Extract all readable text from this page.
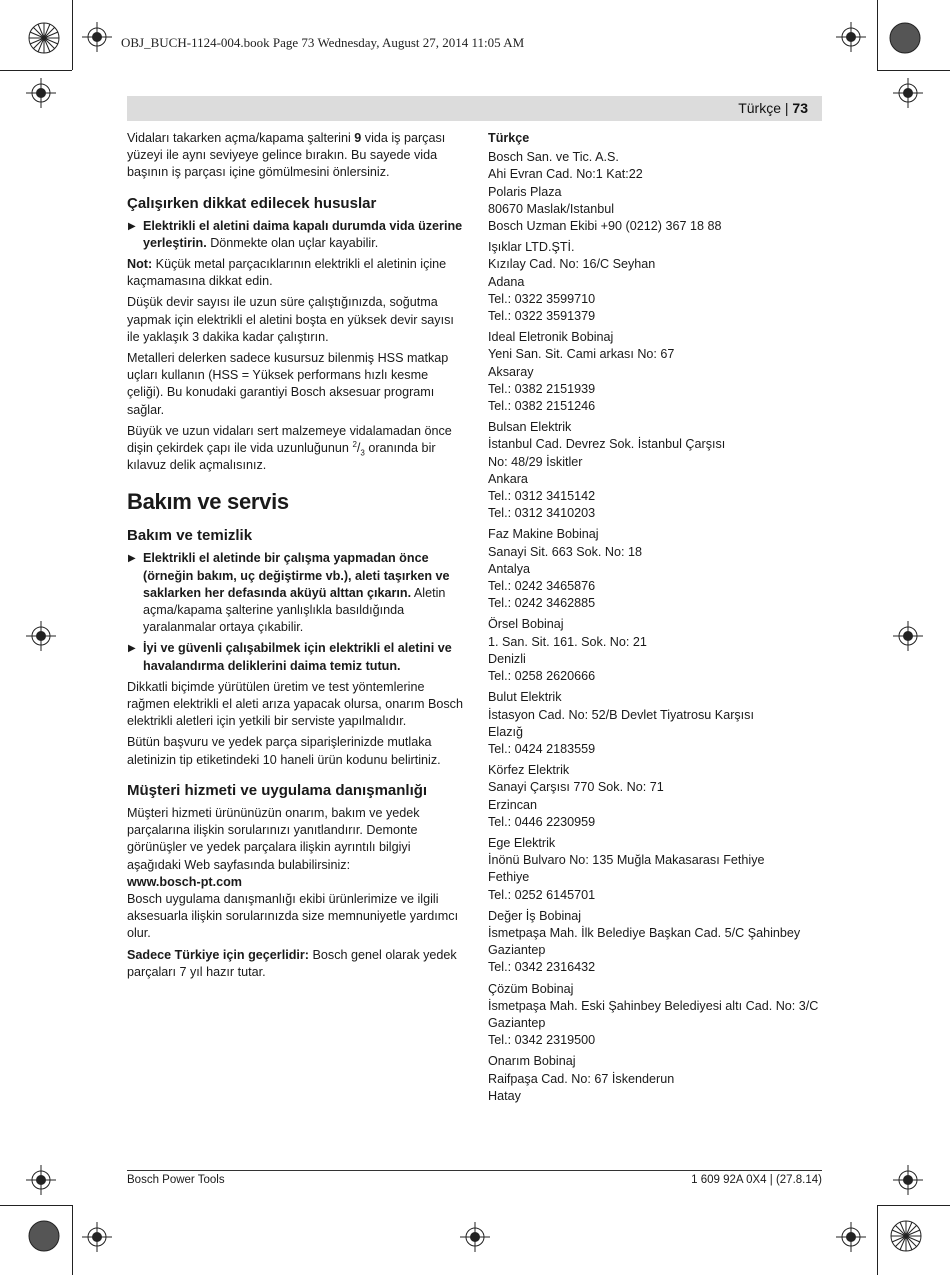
OBJ_BUCH-1124-004.book Page 73 Wednesday, August 27, 2014 11:05 AM
Türkçe | 73

Vidaları takarken açma/kapama şalterini 9 vida iş parçası yüzeyi ile aynı seviyeye gelince bırakın. Bu sayede vida başının iş parçası içine gömülmesini önlersiniz.

Çalışırken dikkat edilecek hususlar
▶ Elektrikli el aletini daima kapalı durumda vida üzerine yerleştirin. Dönmekte olan uçlar kayabilir.

Not: Küçük metal parçacıklarının elektrikli el aletinin içine kaçmamasına dikkat edin.

Düşük devir sayısı ile uzun süre çalıştığınızda, soğutma yapmak için elektrikli el aletini boşta en yüksek devir sayısı ile yaklaşık 3 dakika kadar çalıştırın.

Metalleri delerken sadece kusursuz bilenmiş HSS matkap uçları kullanın (HSS = Yüksek performans hızlı kesme çeliği). Bu konudaki garantiyi Bosch aksesuar programı sağlar.

Büyük ve uzun vidaları sert malzemeye vidalamadan önce dişin çekirdek çapı ile vida uzunluğunun $^2/_3$ oranında bir kılavuz delik açmalısınız.

Bakım ve servis
Bakım ve temizlik
▶ Elektrikli el aletinde bir çalışma yapmadan önce (örneğin bakım, uç değiştirme vb.), aleti taşırken ve saklarken her defasında aküyü alttan çıkarın. Aletin açma/kapama şalterine yanlışlıkla basıldığında yaralanmalar ortaya çıkabilir.
▶ İyi ve güvenli çalışabilmek için elektrikli el aletini ve havalandırma deliklerini daima temiz tutun.

Dikkatli biçimde yürütülen üretim ve test yöntemlerine rağmen elektrikli el aleti arıza yapacak olursa, onarım Bosch elektrikli aletleri için yetkili bir serviste yapılmalıdır.

Bütün başvuru ve yedek parça siparişlerinizde mutlaka aletinizin tip etiketindeki 10 haneli ürün kodunu belirtiniz.

Müşteri hizmeti ve uygulama danışmanlığı

Müşteri hizmeti ürününüzün onarım, bakım ve yedek parçalarına ilişkin sorularınızı yanıtlandırır. Demonte görünüşler ve yedek parçalara ilişkin ayrıntılı bilgiyi aşağıdaki Web sayfasında bulabilirsiniz:

www.bosch-pt.com

Bosch uygulama danışmanlığı ekibi ürünlerimize ve ilgili aksesuarla ilişkin sorularınızda size memnuniyetle yardımcı olur.

Sadece Türkiye için geçerlidir: Bosch genel olarak yedek parçaları 7 yıl hazır tutar.

Türkçe
Bosch San. ve Tic. A.S.
Ahi Evran Cad. No:1 Kat:22
Polaris Plaza
80670 Maslak/Istanbul
Bosch Uzman Ekibi +90 (0212) 367 18 88
Işıklar LTD.ŞTİ.
Kızılay Cad. No: 16/C Seyhan
Adana
Tel.: 0322 3599710
Tel.: 0322 3591379
Ideal Eletronik Bobinaj
Yeni San. Sit. Cami arkası No: 67
Aksaray
Tel.: 0382 2151939
Tel.: 0382 2151246
Bulsan Elektrik
İstanbul Cad. Devrez Sok. İstanbul Çarşısı
No: 48/29 İskitler
Ankara
Tel.: 0312 3415142
Tel.: 0312 3410203
Faz Makine Bobinaj
Sanayi Sit. 663 Sok. No: 18
Antalya
Tel.: 0242 3465876
Tel.: 0242 3462885
Örsel Bobinaj
1. San. Sit. 161. Sok. No: 21
Denizli
Tel.: 0258 2620666
Bulut Elektrik
İstasyon Cad. No: 52/B Devlet Tiyatrosu Karşısı
Elazığ
Tel.: 0424 2183559
Körfez Elektrik
Sanayi Çarşısı 770 Sok. No: 71
Erzincan
Tel.: 0446 2230959
Ege Elektrik
İnönü Bulvaro No: 135 Muğla Makasarası Fethiye
Fethiye
Tel.: 0252 6145701
Değer İş Bobinaj
İsmetpaşa Mah. İlk Belediye Başkan Cad. 5/C Şahinbey
Gaziantep
Tel.: 0342 2316432
Çözüm Bobinaj
İsmetpaşa Mah. Eski Şahinbey Belediyesi altı Cad. No: 3/C
Gaziantep
Tel.: 0342 2319500
Onarım Bobinaj
Raifpaşa Cad. No: 67 İskenderun
Hatay
Bosch Power Tools	1 609 92A 0X4 | (27.8.14)
